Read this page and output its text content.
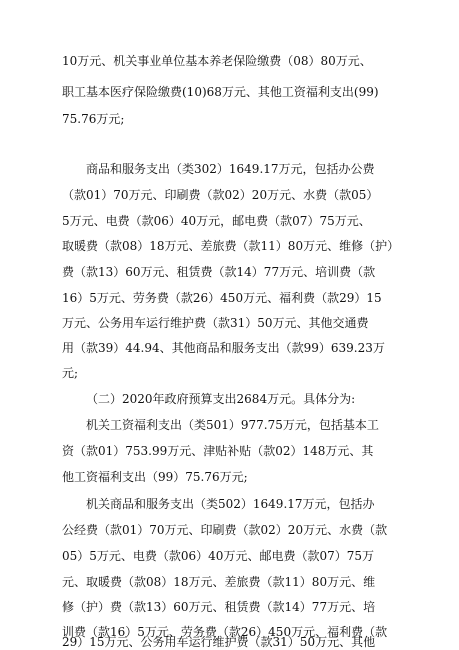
10万元、机关事业单位基本养老保险缴费（08）80万元、
职工基本医疗保险缴费(10)68万元、其他工资福利支出(99)
75.76万元;
商品和服务支出（类302）1649.17万元，包括办公费
（款01）70万元、印刷费（款02）20万元、水费（款05）
5万元、电费（款06）40万元，邮电费（款07）75万元、
取暖费（款08）18万元、差旅费（款11）80万元、维修（护）
费（款13）60万元、租赁费（款14）77万元、培训费（款
16）5万元、劳务费（款26）450万元、福利费（款29）15
万元、公务用车运行维护费（款31）50万元、其他交通费
用（款39）44.94、其他商品和服务支出（款99）639.23万
元;
（二）2020年政府预算支出2684万元。具体分为:
机关工资福利支出（类501）977.75万元，包括基本工
资（款01）753.99万元、津贴补贴（款02）148万元、其
他工资福利支出（99）75.76万元;
机关商品和服务支出（类502）1649.17万元，包括办
公经费（款01）70万元、印刷费（款02）20万元、水费（款
05）5万元、电费（款06）40万元、邮电费（款07）75万
元、取暖费（款08）18万元、差旅费（款11）80万元、维
修（护）费（款13）60万元、租赁费（款14）77万元、培
训费（款16）5万元、劳务费（款26）450万元、福利费（款
29）15万元、公务用车运行维护费（款31）50万元、其他
